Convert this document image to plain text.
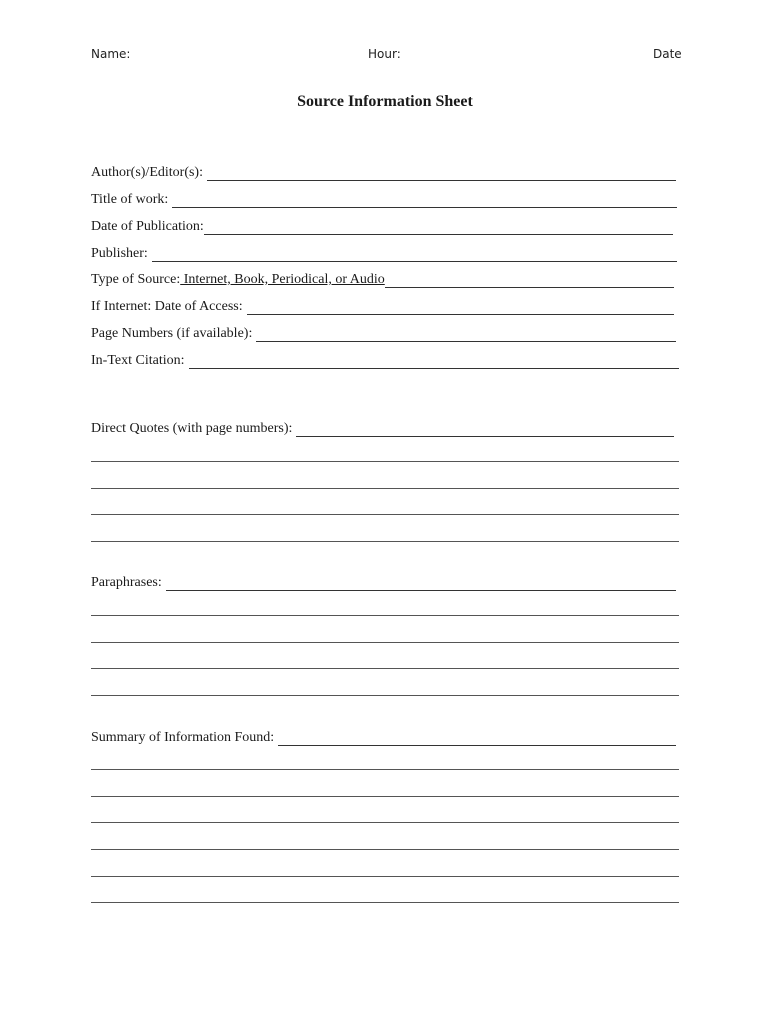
Name:	Hour:	Date
Source Information Sheet
Author(s)/Editor(s):
Title of work:
Date of Publication:
Publisher:
Type of Source: Internet, Book, Periodical, or Audio
If Internet: Date of Access:
Page Numbers (if available):
In-Text Citation:
Direct Quotes (with page numbers):
Paraphrases:
Summary of Information Found:
